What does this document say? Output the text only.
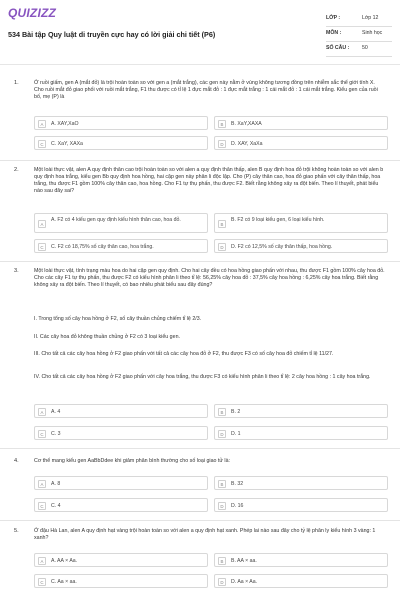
QUIZIZZ
534 Bài tập Quy luật di truyền cực hay có lời giải chi tiết (P6)
LỚP :	Lớp 12
MÔN :	Sinh học
SỐ CÂU : 50
1.	Ở ruồi giấm, gen A (mắt đỏ) là trội hoàn toàn so với gen a (mắt trắng), các gen này nằm ở vùng không tương đồng trên nhiễm sắc thể giới tính X. Cho ruồi mắt đỏ giao phối với ruồi mắt trắng, F1 thu được có tỉ lệ 1 đực mắt đỏ : 1 đực mắt trắng : 1 cái mắt đỏ : 1 cái mắt trắng. Kiểu gen của ruồi bố, mẹ (P) là
A	A. XAY,XaO	B	B. XaY,XAXA
C	C. XaY, XAXa	D	D. XAY, XaXa
2.	Một loài thực vật, alen A quy định thân cao trội hoàn toàn so với alen a quy định thân thấp, alen B quy định hoa đỏ trội không hoàn toàn so với alen b quy định hoa trắng, kiểu gen Bb quy định hoa hồng, hai cặp gen này phân li độc lập. Cho (P) cây thân cao, hoa đỏ giao phấn với cây thân thấp, hoa trắng, thu được F1 gồm 100% cây thân cao, hoa hồng. Cho F1 tự thụ phấn, thu được F2. Biết rằng không xảy ra đột biến. Theo lí thuyết, phát biểu nào sau đây sai?
A
A. F2 có 4 kiểu gen quy định kiểu hình thân cao, hoa đỏ.
B
B. F2 có 9 loại kiểu gen, 6 loại kiểu hình.
C	C. F2 có 18,75% số cây thân cao, hoa trắng.	D	D. F2 có 12,5% số cây thân thấp, hoa hồng.
3.	Một loài thực vật, tính trạng màu hoa do hai cặp gen quy định. Cho hai cây đều có hoa hồng giao phấn với nhau, thu được F1 gồm 100% cây hoa đỏ. Cho các cây F1 tự thụ phấn, thu được F2 có kiểu hình phân li theo tỉ lệ: 56,25% cây hoa đỏ : 37,5% cây hoa hồng : 6,25% cây hoa trắng. Biết rằng không xảy ra đột biến. Theo lí thuyết, có bao nhiêu phát biểu sau đây đúng?
I. Trong tổng số cây hoa hồng ở F2, số cây thuần chủng chiếm tỉ lệ 2/3.
II. Các cây hoa đỏ không thuần chủng ở F2 có 3 loại kiểu gen.
III. Cho tất cả các cây hoa hồng ở F2 giao phấn với tất cả các cây hoa đỏ ở F2, thu được F3 có số cây hoa đỏ chiếm tỉ lệ 11/27.
IV. Cho tất cả các cây hoa hồng ở F2 giao phấn với cây hoa trắng, thu được F3 có kiểu hình phân li theo tỉ lệ: 2 cây hoa hồng : 1 cây hoa trắng.
A	A. 4	B	B. 2
C	C. 3	D	D. 1
4.	Cơ thể mang kiểu gen AaBbDdee khi giảm phân bình thường cho số loại giao tử là:
A	A. 8	B	B. 32
C	C. 4	D	D. 16
5.	Ở đậu Hà Lan, alen A quy định hạt vàng trội hoàn toàn so với alen a quy định hạt xanh. Phép lai nào sau đây cho tỷ lệ phân ly kiểu hình 3 vàng: 1 xanh?
A	A. AA × Aa.	B	B. AA × aa.
C	C. Aa × aa.	D	D. Aa × Aa.
